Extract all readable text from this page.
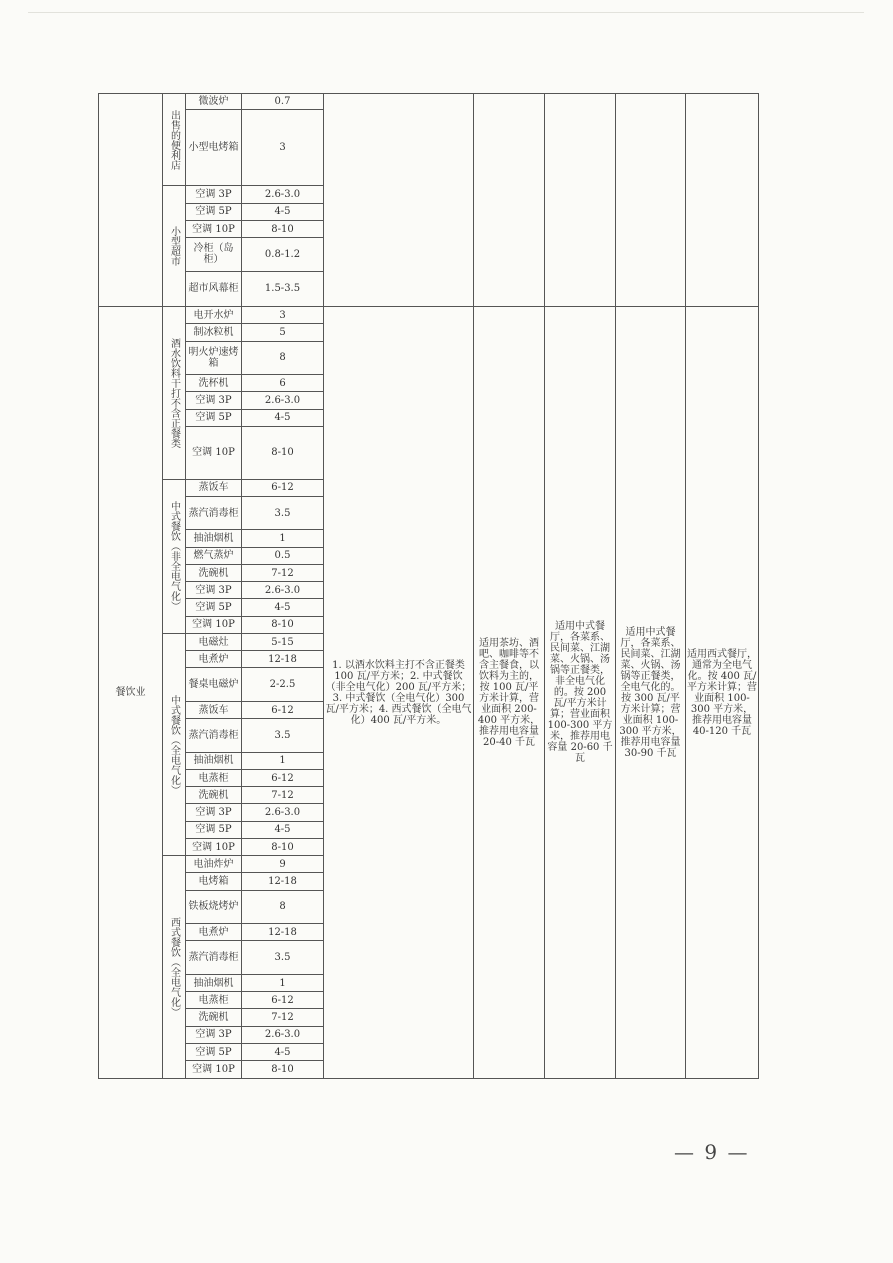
	出售的便利店	微波炉	0.7					
		小型电烤箱	3					
	小型超市	空调 3P	2.6-3.0					
		空调 5P	4-5					
		空调 10P	8-10					
		冷柜（岛柜）	0.8-1.2					
		超市风幕柜	1.5-3.5					
餐饮业	酒水饮料干打不含正餐类	电开水炉	3	1. 以酒水饮料主打不含正餐类 100 瓦/平方米；2. 中式餐饮（非全电气化）200 瓦/平方米；3. 中式餐饮（全电气化）300 瓦/平方米；4. 西式餐饮（全电气化）400 瓦/平方米。	适用茶坊、酒吧、咖啡等不含主餐食，以饮料为主的，按 100 瓦/平方米计算，营业面积 200-400 平方米，推荐用电容量 20-40 千瓦	适用中式餐厅，各菜系、民间菜、江湖菜、火锅、汤锅等正餐类，非全电气化的。按 200 瓦/平方米计算；营业面积 100-300 平方米，推荐用电容量 20-60 千瓦	适用中式餐厅，各菜系、民间菜、江湖菜、火锅、汤锅等正餐类，全电气化的。按 300 瓦/平方米计算；营业面积 100-300 平方米，推荐用电容量 30-90 千瓦	适用西式餐厅，通常为全电气化。按 400 瓦/平方米计算；营业面积 100-300 平方米，推荐用电容量 40-120 千瓦

		制冰粒机	5					
		明火炉速烤箱	8					
		洗杯机	6					
		空调 3P	2.6-3.0					
		空调 5P	4-5					
		空调 10P	8-10					
	中式餐饮（非全电气化）	蒸饭车	6-12					
		蒸汽消毒柜	3.5					
		抽油烟机	1					
		燃气蒸炉	0.5					
		洗碗机	7-12					
		空调 3P	2.6-3.0					
		空调 5P	4-5					
		空调 10P	8-10					
	中式餐饮（全电气化）	电磁灶	5-15					
		电煮炉	12-18					
		餐桌电磁炉	2-2.5					
		蒸饭车	6-12					
		蒸汽消毒柜	3.5					
		抽油烟机	1					
		电蒸柜	6-12					
		洗碗机	7-12					
		空调 3P	2.6-3.0					
		空调 5P	4-5					
		空调 10P	8-10					
	西式餐饮（全电气化）	电油炸炉	9					
		电烤箱	12-18					
		铁板烧烤炉	8					
		电煮炉	12-18					
		蒸汽消毒柜	3.5					
		抽油烟机	1					
		电蒸柜	6-12					
		洗碗机	7-12					
		空调 3P	2.6-3.0					
		空调 5P	4-5					
		空调 10P	8-10					
— 9 —
